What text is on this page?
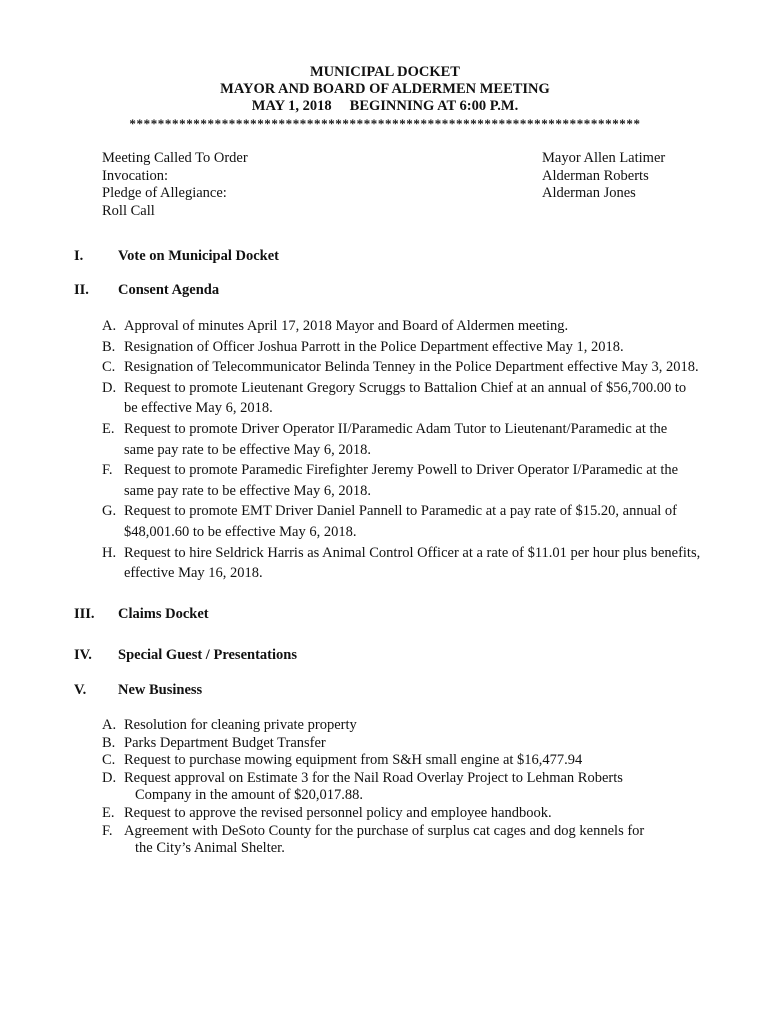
MUNICIPAL DOCKET
MAYOR AND BOARD OF ALDERMEN MEETING
MAY 1, 2018 BEGINNING AT 6:00 P.M.
************************************************************************
Meeting Called To Order	Mayor Allen Latimer
Invocation:	Alderman Roberts
Pledge of Allegiance:	Alderman Jones
Roll Call
I. Vote on Municipal Docket
II. Consent Agenda
A. Approval of minutes April 17, 2018 Mayor and Board of Aldermen meeting.
B. Resignation of Officer Joshua Parrott in the Police Department effective May 1, 2018.
C. Resignation of Telecommunicator Belinda Tenney in the Police Department effective May 3, 2018.
D. Request to promote Lieutenant Gregory Scruggs to Battalion Chief at an annual of $56,700.00 to
be effective May 6, 2018.
E. Request to promote Driver Operator II/Paramedic Adam Tutor to Lieutenant/Paramedic at the
same pay rate to be effective May 6, 2018.
F. Request to promote Paramedic Firefighter Jeremy Powell to Driver Operator I/Paramedic at the
same pay rate to be effective May 6, 2018.
G. Request to promote EMT Driver Daniel Pannell to Paramedic at a pay rate of $15.20, annual of
$48,001.60 to be effective May 6, 2018.
H. Request to hire Seldrick Harris as Animal Control Officer at a rate of $11.01 per hour plus benefits,
effective May 16, 2018.
III. Claims Docket
IV. Special Guest / Presentations
V. New Business
A. Resolution for cleaning private property
B. Parks Department Budget Transfer
C. Request to purchase mowing equipment from S&H small engine at $16,477.94
D. Request approval on Estimate 3 for the Nail Road Overlay Project to Lehman Roberts
Company in the amount of $20,017.88.
E. Request to approve the revised personnel policy and employee handbook.
F. Agreement with DeSoto County for the purchase of surplus cat cages and dog kennels for
the City’s Animal Shelter.
